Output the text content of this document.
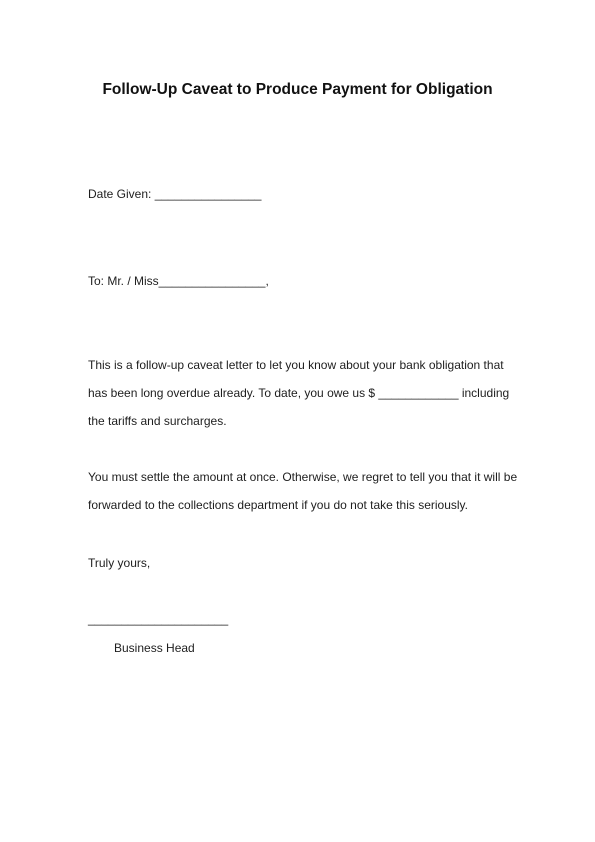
Follow-Up Caveat to Produce Payment for Obligation
Date Given: ________________
To: Mr. / Miss________________,
This is a follow-up caveat letter to let you know about your bank obligation that
has been long overdue already. To date, you owe us $ ____________ including
the tariffs and surcharges.
You must settle the amount at once. Otherwise, we regret to tell you that it will be
forwarded to the collections department if you do not take this seriously.
Truly yours,
_____________________
Business Head
